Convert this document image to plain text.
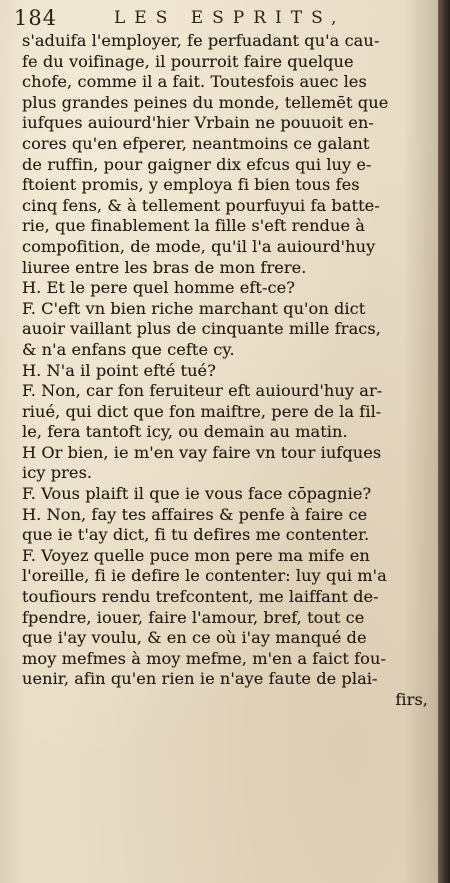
184	LES ESPRITS,
s'aduifa l'employer, fe perfuadant qu'a cau-
fe du voifinage, il pourroit faire quelque
chofe, comme il a fait. Toutesfois auec les
plus grandes peines du monde, tellemēt que
iufques auiourd'hier Vrbain ne pouuoit en-
cores qu'en efperer, neantmoins ce galant
de ruffin, pour gaigner dix efcus qui luy e-
ftoient promis, y employa fi bien tous fes
cinq fens, & à tellement pourfuyui fa batte-
rie, que finablement la fille s'eft rendue à
compofition, de mode, qu'il l'a auiourd'huy
liuree entre les bras de mon frere.
H. Et le pere quel homme eft-ce?
F. C'eft vn bien riche marchant qu'on dict
auoir vaillant plus de cinquante mille fracs,
& n'a enfans que cefte cy.
H. N'a il point efté tué?
F. Non, car fon feruiteur eft auiourd'huy ar-
riué, qui dict que fon maiftre, pere de la fil-
le, fera tantoft icy, ou demain au matin.
H Or bien, ie m'en vay faire vn tour iufques
icy pres.
F. Vous plaift il que ie vous face cōpagnie?
H. Non, fay tes affaires & penfe à faire ce
que ie t'ay dict, fi tu defires me contenter.
F. Voyez quelle puce mon pere ma mife en
l'oreille, fi ie defire le contenter: luy qui m'a
toufiours rendu trefcontent, me laiffant de-
fpendre, iouer, faire l'amour, bref, tout ce
que i'ay voulu, & en ce où i'ay manqué de
moy mefmes à moy mefme, m'en a faict fou-
uenir, afin qu'en rien ie n'aye faute de plai-
firs,
